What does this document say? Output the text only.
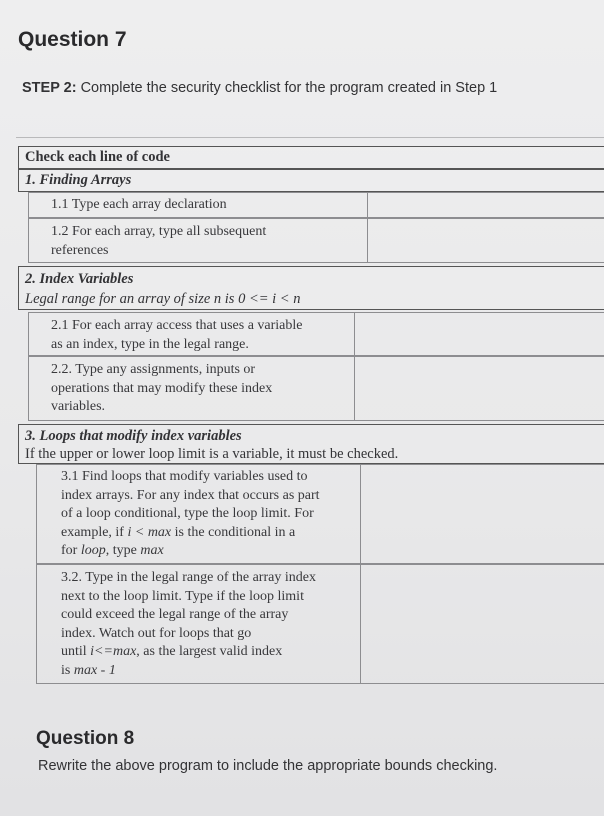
Question 7
STEP 2: Complete the security checklist for the program created in Step 1
Check each line of code
1. Finding Arrays
1.1 Type each array declaration
1.2 For each array, type all subsequent
references
2. Index Variables
Legal range for an array of size n is 0 <= i < n
2.1 For each array access that uses a variable
as an index, type in the legal range.
2.2. Type any assignments, inputs or
operations that may modify these index
variables.
3. Loops that modify index variables
If the upper or lower loop limit is a variable, it must be checked.
3.1 Find loops that modify variables used to
index arrays. For any index that occurs as part
of a loop conditional, type the loop limit. For
example, if i < max is the conditional in a
for loop, type max
3.2. Type in the legal range of the array index
next to the loop limit. Type if the loop limit
could exceed the legal range of the array
index. Watch out for loops that go
until i<=max, as the largest valid index
is max - 1
Question 8
Rewrite the above program to include the appropriate bounds checking.
